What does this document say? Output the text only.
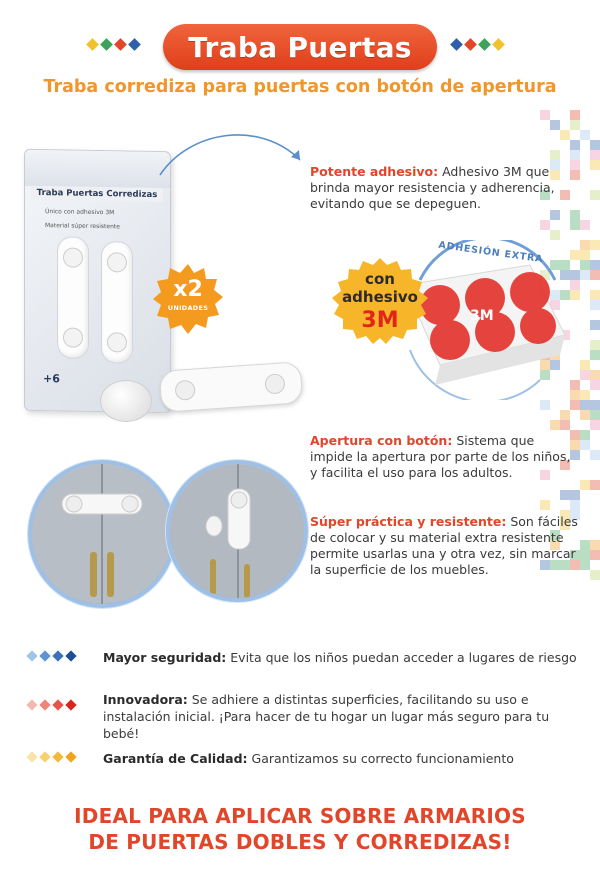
Traba Puertas
Traba corrediza para puertas con botón de apertura
Traba Puertas Corredizas
Único con adhesivo 3M
Material súper resistente
+6
x2
UNIDADES
Potente adhesivo: Adhesivo 3M que brinda mayor resistencia y adherencia, evitando que se depeguen.
ADHESIÓN EXTRA
3M
con
adhesivo
3M
Apertura con botón: Sistema que impide la apertura por parte de los niños, y facilita el uso para los adultos.
Súper práctica y resistente: Son fáciles de colocar y su material extra resistente permite usarlas una y otra vez, sin marcar la superficie de los muebles.
Mayor seguridad: Evita que los niños puedan acceder a lugares de riesgo
Innovadora: Se adhiere a distintas superficies, facilitando su uso e instalación inicial. ¡Para hacer de tu hogar un lugar más seguro para tu bebé!
Garantía de Calidad: Garantizamos su correcto funcionamiento
IDEAL PARA APLICAR SOBRE ARMARIOS
DE PUERTAS DOBLES Y CORREDIZAS!
